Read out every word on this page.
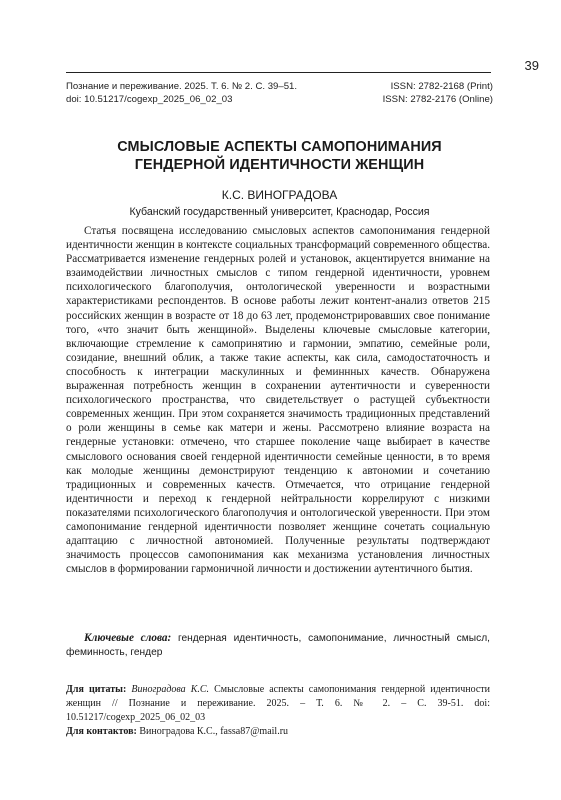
39
Познание и переживание. 2025. Т. 6. № 2. С. 39–51.	ISSN: 2782-2168 (Print)
doi: 10.51217/cogexp_2025_06_02_03	ISSN: 2782-2176 (Online)
СМЫСЛОВЫЕ АСПЕКТЫ САМОПОНИМАНИЯ
ГЕНДЕРНОЙ ИДЕНТИЧНОСТИ ЖЕНЩИН
К.С. ВИНОГРАДОВА
Кубанский государственный университет, Краснодар, Россия

Статья посвящена исследованию смысловых аспектов самопонимания гендерной идентичности женщин в контексте социальных трансформаций современного общества. Рассматривается изменение гендерных ролей и установок, акцентируется внимание на взаимодействии личностных смыслов с типом гендерной идентичности, уровнем психологического благополучия, онтологической уверенности и возрастными характеристиками респондентов. В основе работы лежит контент-анализ ответов 215 российских женщин в возрасте от 18 до 63 лет, продемонстрировавших свое понимание того, «что значит быть женщиной». Выделены ключевые смысловые категории, включающие стремление к самопринятию и гармонии, эмпатию, семейные роли, созидание, внешний облик, а также такие аспекты, как сила, самодостаточность и способность к интеграции маскулинных и феминнных качеств. Обнаружена выраженная потребность женщин в сохранении аутентичности и суверенности психологического пространства, что свидетельствует о растущей субъектности современных женщин. При этом сохраняется значимость традиционных представлений о роли женщины в семье как матери и жены. Рассмотрено влияние возраста на гендерные установки: отмечено, что старшее поколение чаще выбирает в качестве смыслового основания своей гендерной идентичности семейные ценности, в то время как молодые женщины демонстрируют тенденцию к автономии и сочетанию традиционных и современных качеств. Отмечается, что отрицание гендерной идентичности и переход к гендерной нейтральности коррелируют с низкими показателями психологического благополучия и онтологической уверенности. При этом самопонимание гендерной идентичности позволяет женщине сочетать социальную адаптацию с личностной автономией. Полученные результаты подтверждают значимость процессов самопонимания как механизма установления личностных смыслов в формировании гармоничной личности и достижении аутентичного бытия.

Ключевые слова: гендерная идентичность, самопонимание, личностный смысл, феминность, гендер

Для цитаты: Виноградова К.С. Смысловые аспекты самопонимания гендерной идентичности женщин // Познание и переживание. 2025. – Т. 6. № 2. – С. 39-51. doi: 10.51217/cogexp_2025_06_02_03

Для контактов: Виноградова К.С., fassa87@mail.ru
